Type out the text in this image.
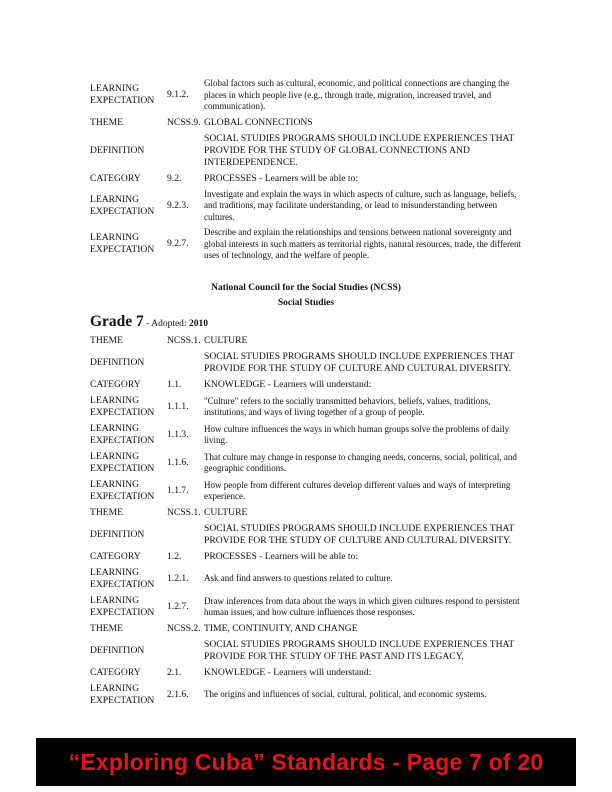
LEARNING EXPECTATION	9.1.2.	Global factors such as cultural, economic, and political connections are changing the places in which people live (e.g., through trade, migration, increased travel, and communication).
THEME	NCSS.9.	GLOBAL CONNECTIONS
DEFINITION		SOCIAL STUDIES PROGRAMS SHOULD INCLUDE EXPERIENCES THAT PROVIDE FOR THE STUDY OF GLOBAL CONNECTIONS AND INTERDEPENDENCE.
CATEGORY	9.2.	PROCESSES - Learners will be able to:
LEARNING EXPECTATION	9.2.3.	Investigate and explain the ways in which aspects of culture, such as language, beliefs, and traditions, may facilitate understanding, or lead to misunderstanding between cultures.
LEARNING EXPECTATION	9.2.7.	Describe and explain the relationships and tensions between national sovereignty and global interests in such matters as territorial rights, natural resources, trade, the different uses of technology, and the welfare of people.
National Council for the Social Studies (NCSS)
Social Studies
Grade 7 - Adopted: 2010
THEME	NCSS.1.	CULTURE
DEFINITION		SOCIAL STUDIES PROGRAMS SHOULD INCLUDE EXPERIENCES THAT PROVIDE FOR THE STUDY OF CULTURE AND CULTURAL DIVERSITY.
CATEGORY	1.1.	KNOWLEDGE - Learners will understand:
LEARNING EXPECTATION	1.1.1.	"Culture" refers to the socially transmitted behaviors, beliefs, values, traditions, institutions, and ways of living together of a group of people.
LEARNING EXPECTATION	1.1.3.	How culture influences the ways in which human groups solve the problems of daily living.
LEARNING EXPECTATION	1.1.6.	That culture may change in response to changing needs, concerns, social, political, and geographic conditions.
LEARNING EXPECTATION	1.1.7.	How people from different cultures develop different values and ways of interpreting experience.
THEME	NCSS.1.	CULTURE
DEFINITION		SOCIAL STUDIES PROGRAMS SHOULD INCLUDE EXPERIENCES THAT PROVIDE FOR THE STUDY OF CULTURE AND CULTURAL DIVERSITY.
CATEGORY	1.2.	PROCESSES - Learners will be able to:
LEARNING EXPECTATION	1.2.1.	Ask and find answers to questions related to culture.
LEARNING EXPECTATION	1.2.7.	Draw inferences from data about the ways in which given cultures respond to persistent human issues, and how culture influences those responses.
THEME	NCSS.2.	TIME, CONTINUITY, AND CHANGE
DEFINITION		SOCIAL STUDIES PROGRAMS SHOULD INCLUDE EXPERIENCES THAT PROVIDE FOR THE STUDY OF THE PAST AND ITS LEGACY.
CATEGORY	2.1.	KNOWLEDGE - Learners will understand:
LEARNING EXPECTATION	2.1.6.	The origins and influences of social, cultural, political, and economic systems.
“Exploring Cuba” Standards - Page 7 of 20
